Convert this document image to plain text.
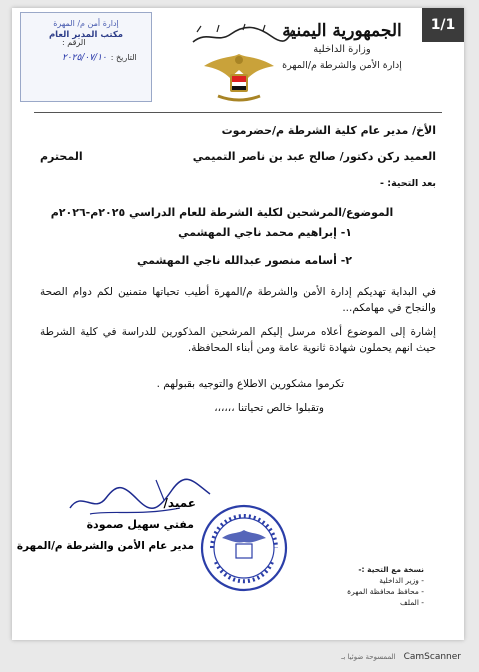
1/1
الجمهورية اليمنية
وزارة الداخلية
إدارة الأمن والشرطة م/المهرة
إدارة أمن م/ المهرة
مكتب المدير العام
الرقم :
التاريخ :
٢٠٢٥/٠٧/١٠
الأخ/ مدير عام كلية الشرطة م/حضرموت
العميد ركن دكتور/ صالح عبد بن ناصر التميمي
المحترم
بعد التحية: -
الموضوع/المرشحين لكلية الشرطة للعام الدراسي ٢٠٢٥م-٢٠٢٦م
١- إبراهيم محمد ناجي المهشمي
٢- أسامه منصور عبدالله ناجي المهشمي
في البداية تهديكم إدارة الأمن والشرطة م/المهرة أطيب تحياتها متمنين لكم دوام الصحة والنجاح في مهامكم...
إشارة إلى الموضوع أعلاه مرسل إليكم المرشحين المذكورين للدراسة في كلية الشرطة حيث انهم يحملون شهادة ثانوية عامة ومن أبناء المحافظة.
تكرموا مشكورين الاطلاع والتوجيه بقبولهم .
وتقبلوا خالص تحياتنا ،،،،،،
عميد/
مفتي سهيل صمودة
مدير عام الأمن والشرطة م/المهرة
نسخة مع التحية :-
- وزير الداخلية
- محافظ محافظة المهرة
- الملف
الممسوحة ضوئيا بـ CamScanner
